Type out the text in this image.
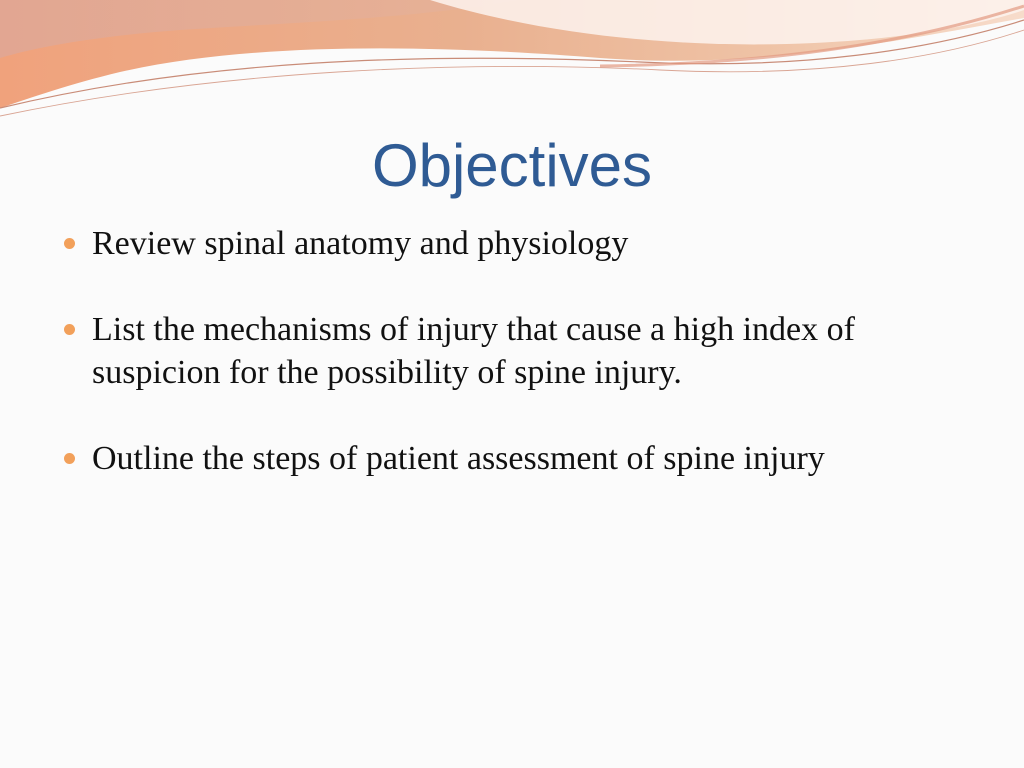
Objectives
Review spinal anatomy and physiology
List the mechanisms of injury that cause a high index of suspicion for the possibility of spine injury.
Outline the steps of patient assessment of spine injury
